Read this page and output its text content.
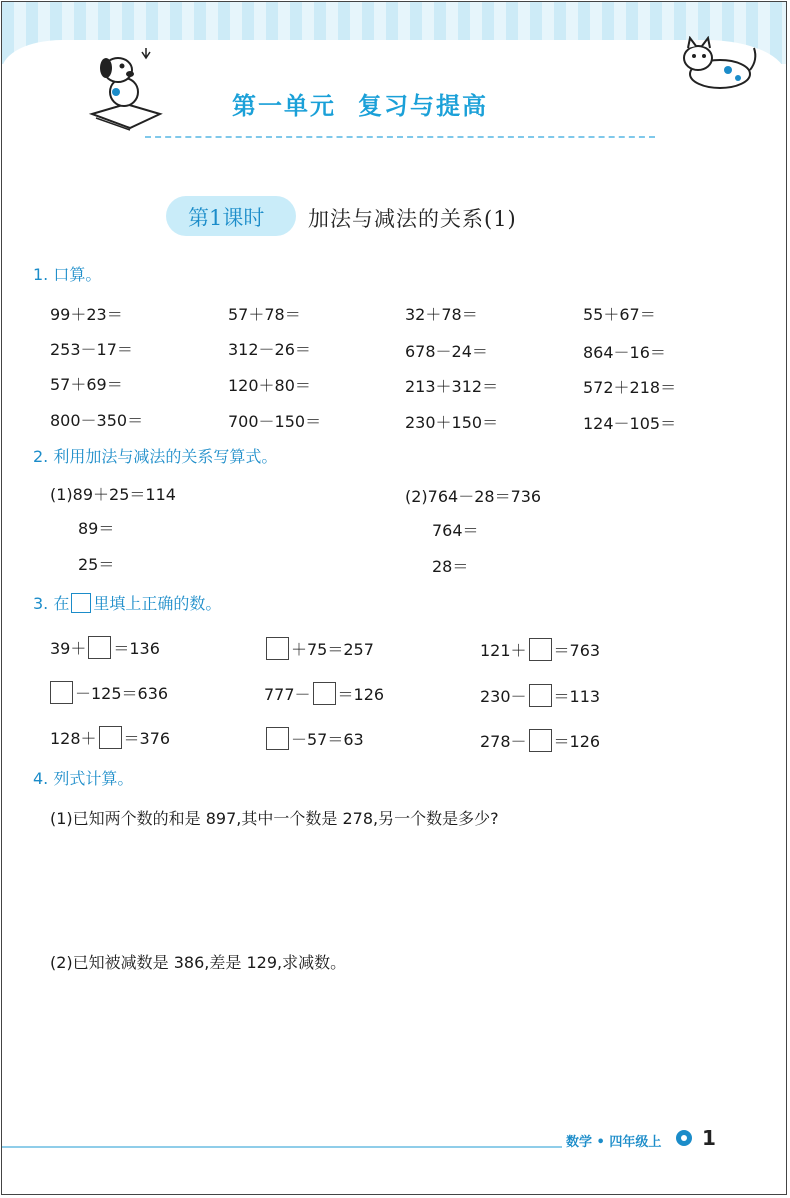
第一单元 复习与提高
第1课时 加法与减法的关系(1)
1. 口算。
99＋23＝	57＋78＝	32＋78＝	55＋67＝
253－17＝	312－26＝	678－24＝	864－16＝
57＋69＝	120＋80＝	213＋312＝	572＋218＝
800－350＝	700－150＝	230＋150＝	124－105＝
2. 利用加法与减法的关系写算式。
(1)89＋25＝114
89＝
25＝
(2)764－28＝736
764＝
28＝
3. 在 里填上正确的数。
39＋ ＝136	＋75＝257	121＋ ＝763
－125＝636	777－ ＝126	230－ ＝113
128＋ ＝376	－57＝63	278－ ＝126
4. 列式计算。
(1)已知两个数的和是 897,其中一个数是 278,另一个数是多少?
(2)已知被减数是 386,差是 129,求减数。
数学 • 四年级上 1
